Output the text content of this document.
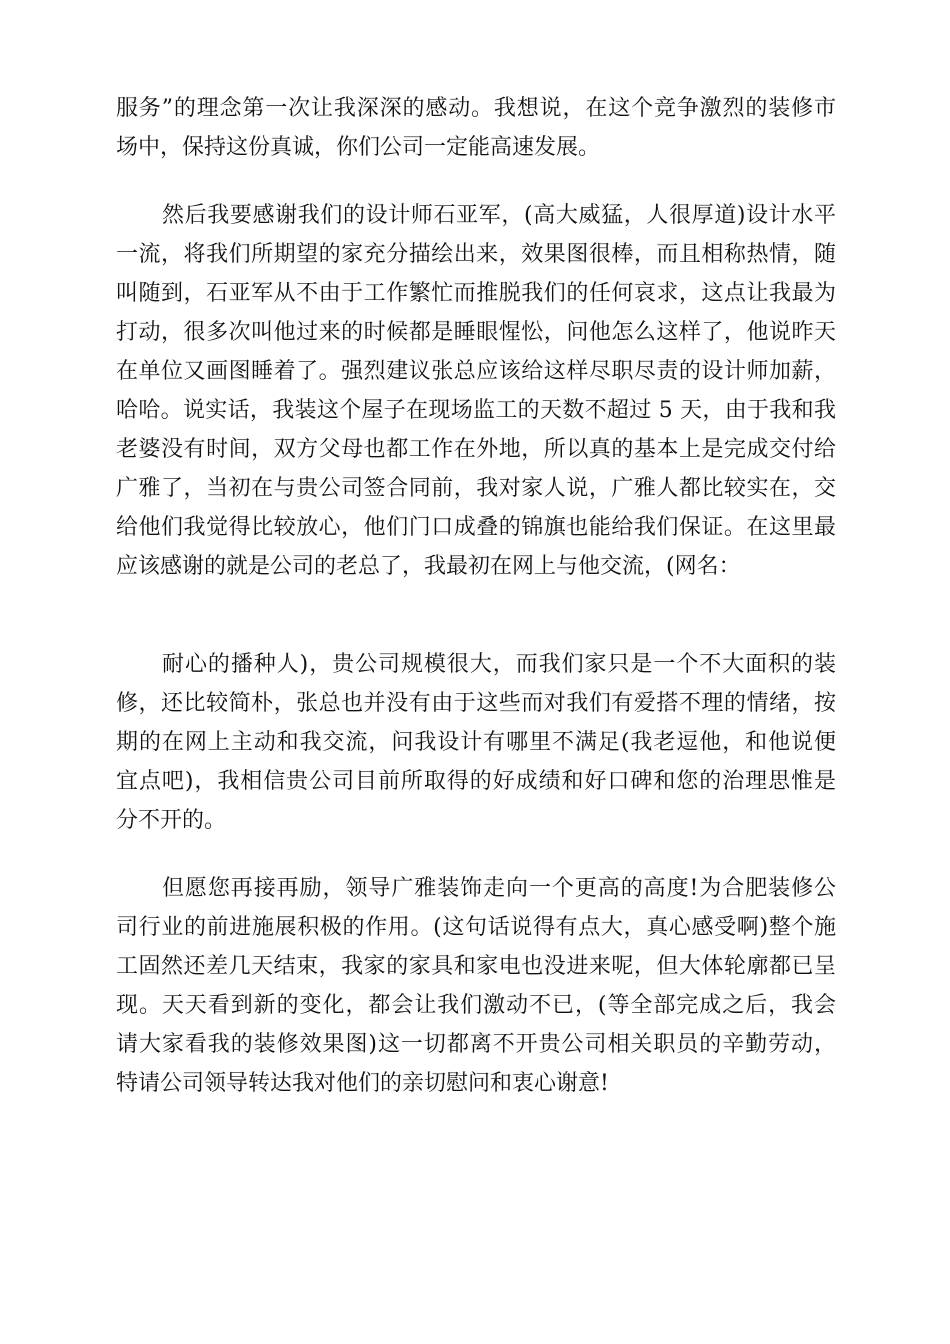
服务”的理念第一次让我深深的感动。我想说，在这个竞争激烈的装修市
场中，保持这份真诚，你们公司一定能高速发展。
然后我要感谢我们的设计师石亚军，(高大威猛，人很厚道)设计水平
一流，将我们所期望的家充分描绘出来，效果图很棒，而且相称热情，随
叫随到，石亚军从不由于工作繁忙而推脱我们的任何哀求，这点让我最为
打动，很多次叫他过来的时候都是睡眼惺忪，问他怎么这样了，他说昨天
在单位又画图睡着了。强烈建议张总应该给这样尽职尽责的设计师加薪，
哈哈。说实话，我装这个屋子在现场监工的天数不超过 5 天，由于我和我
老婆没有时间，双方父母也都工作在外地，所以真的基本上是完成交付给
广雅了，当初在与贵公司签合同前，我对家人说，广雅人都比较实在，交
给他们我觉得比较放心，他们门口成叠的锦旗也能给我们保证。在这里最
应该感谢的就是公司的老总了，我最初在网上与他交流，(网名：
耐心的播种人)，贵公司规模很大，而我们家只是一个不大面积的装
修，还比较简朴，张总也并没有由于这些而对我们有爱搭不理的情绪，按
期的在网上主动和我交流，问我设计有哪里不满足(我老逗他，和他说便
宜点吧)，我相信贵公司目前所取得的好成绩和好口碑和您的治理思惟是
分不开的。
但愿您再接再励，领导广雅装饰走向一个更高的高度!为合肥装修公
司行业的前进施展积极的作用。(这句话说得有点大，真心感受啊)整个施
工固然还差几天结束，我家的家具和家电也没进来呢，但大体轮廓都已呈
现。天天看到新的变化，都会让我们激动不已，(等全部完成之后，我会
请大家看我的装修效果图)这一切都离不开贵公司相关职员的辛勤劳动，
特请公司领导转达我对他们的亲切慰问和衷心谢意!
